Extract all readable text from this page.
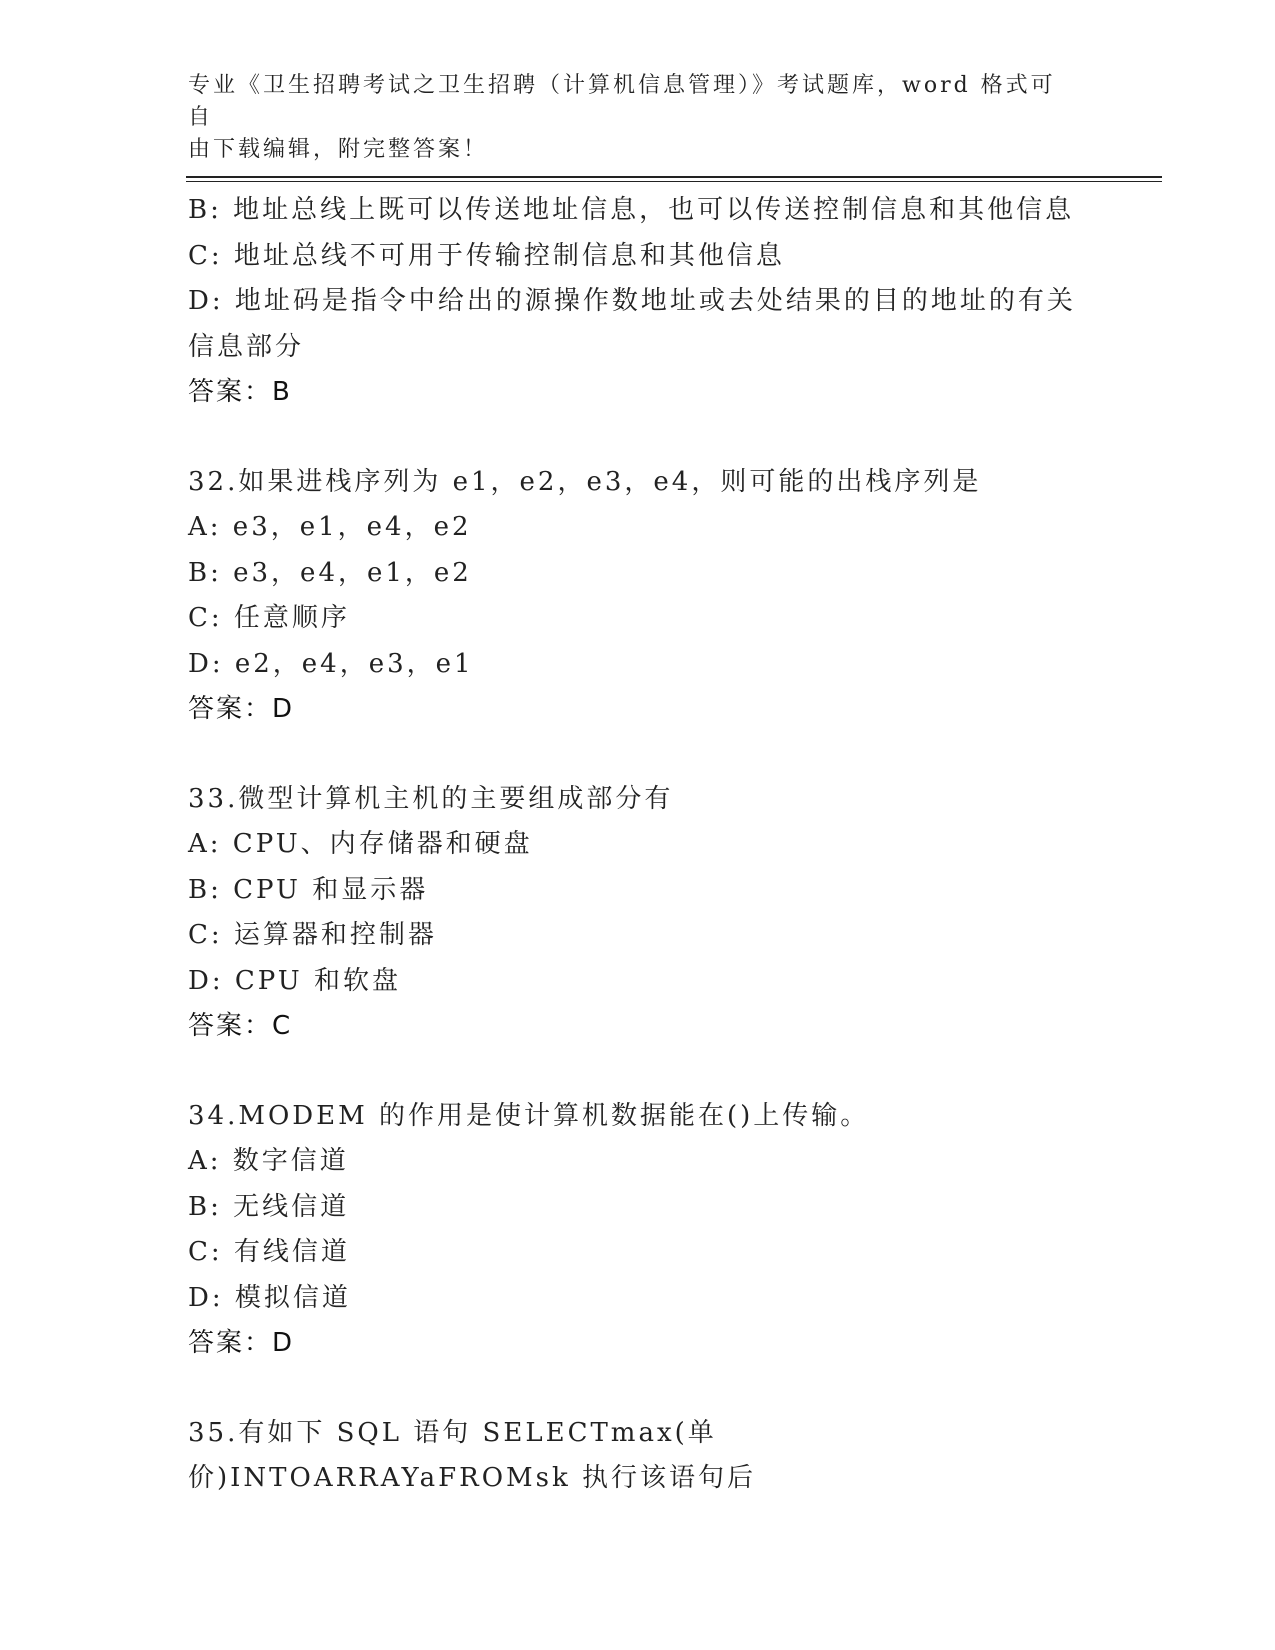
专业《卫生招聘考试之卫生招聘（计算机信息管理）》考试题库，word 格式可自
由下载编辑，附完整答案！
B: 地址总线上既可以传送地址信息，也可以传送控制信息和其他信息
C: 地址总线不可用于传输控制信息和其他信息
D: 地址码是指令中给出的源操作数地址或去处结果的目的地址的有关
信息部分
答案：B
32.如果进栈序列为 e1，e2，e3，e4，则可能的出栈序列是
A: e3，e1，e4，e2
B: e3，e4，e1，e2
C: 任意顺序
D: e2，e4，e3，e1
答案：D
33.微型计算机主机的主要组成部分有
A: CPU、内存储器和硬盘
B: CPU 和显示器
C: 运算器和控制器
D: CPU 和软盘
答案：C
34.MODEM 的作用是使计算机数据能在()上传输。
A: 数字信道
B: 无线信道
C: 有线信道
D: 模拟信道
答案：D
35.有如下 SQL 语句 SELECTmax(单价)INTOARRAYaFROMsk 执行该语句后
